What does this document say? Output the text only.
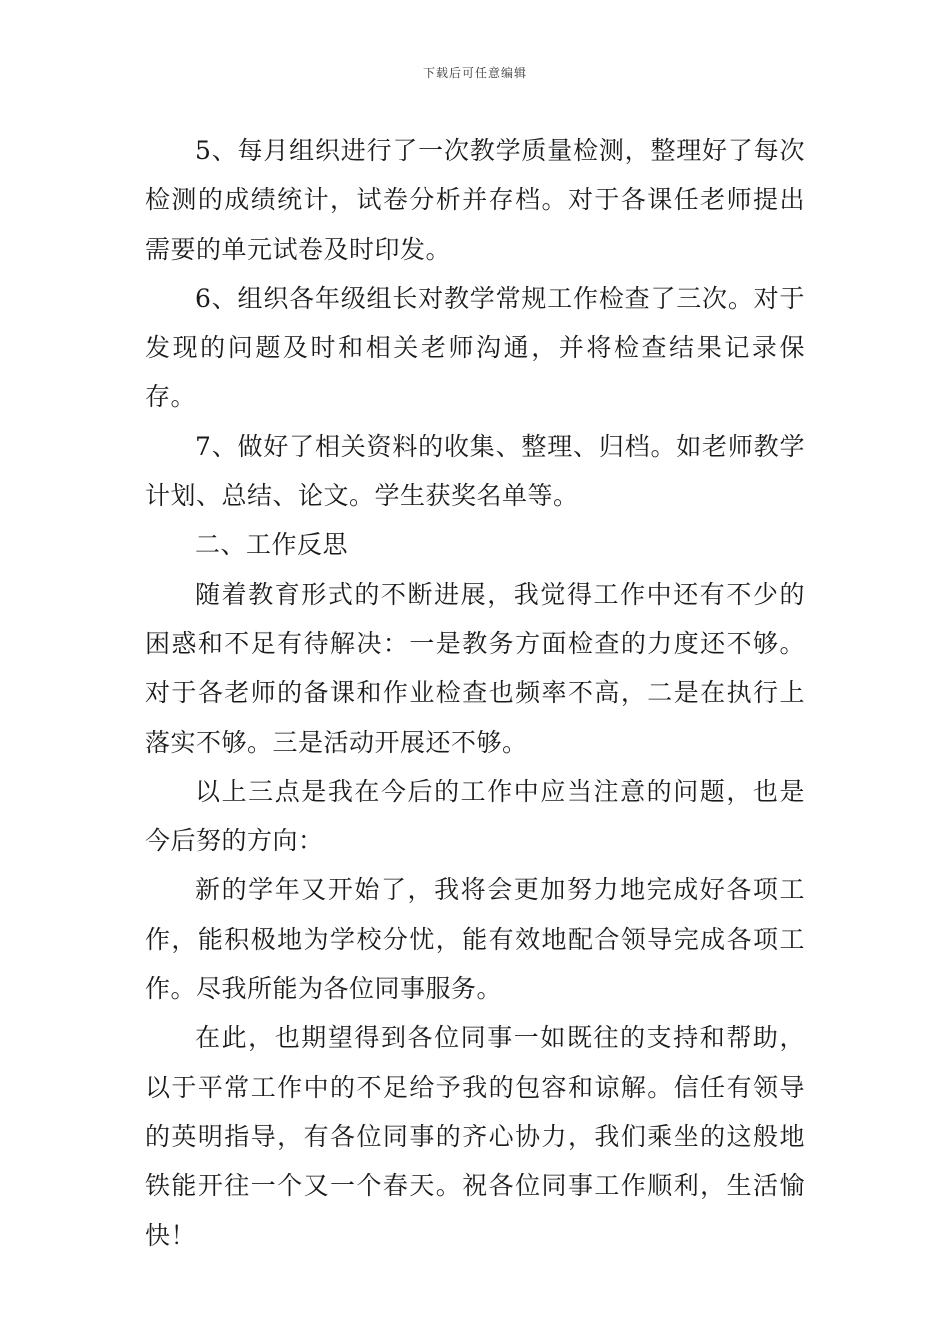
下载后可任意编辑

5、每月组织进行了一次教学质量检测，整理好了每次检测的成绩统计，试卷分析并存档。对于各课任老师提出需要的单元试卷及时印发。

6、组织各年级组长对教学常规工作检查了三次。对于发现的问题及时和相关老师沟通，并将检查结果记录保存。

7、做好了相关资料的收集、整理、归档。如老师教学计划、总结、论文。学生获奖名单等。

二、工作反思

随着教育形式的不断进展，我觉得工作中还有不少的困惑和不足有待解决：一是教务方面检查的力度还不够。对于各老师的备课和作业检查也频率不高，二是在执行上落实不够。三是活动开展还不够。

以上三点是我在今后的工作中应当注意的问题，也是今后努的方向：

新的学年又开始了，我将会更加努力地完成好各项工作，能积极地为学校分忧，能有效地配合领导完成各项工作。尽我所能为各位同事服务。

在此，也期望得到各位同事一如既往的支持和帮助，以于平常工作中的不足给予我的包容和谅解。信任有领导的英明指导，有各位同事的齐心协力，我们乘坐的这般地铁能开往一个又一个春天。祝各位同事工作顺利，生活愉快！
